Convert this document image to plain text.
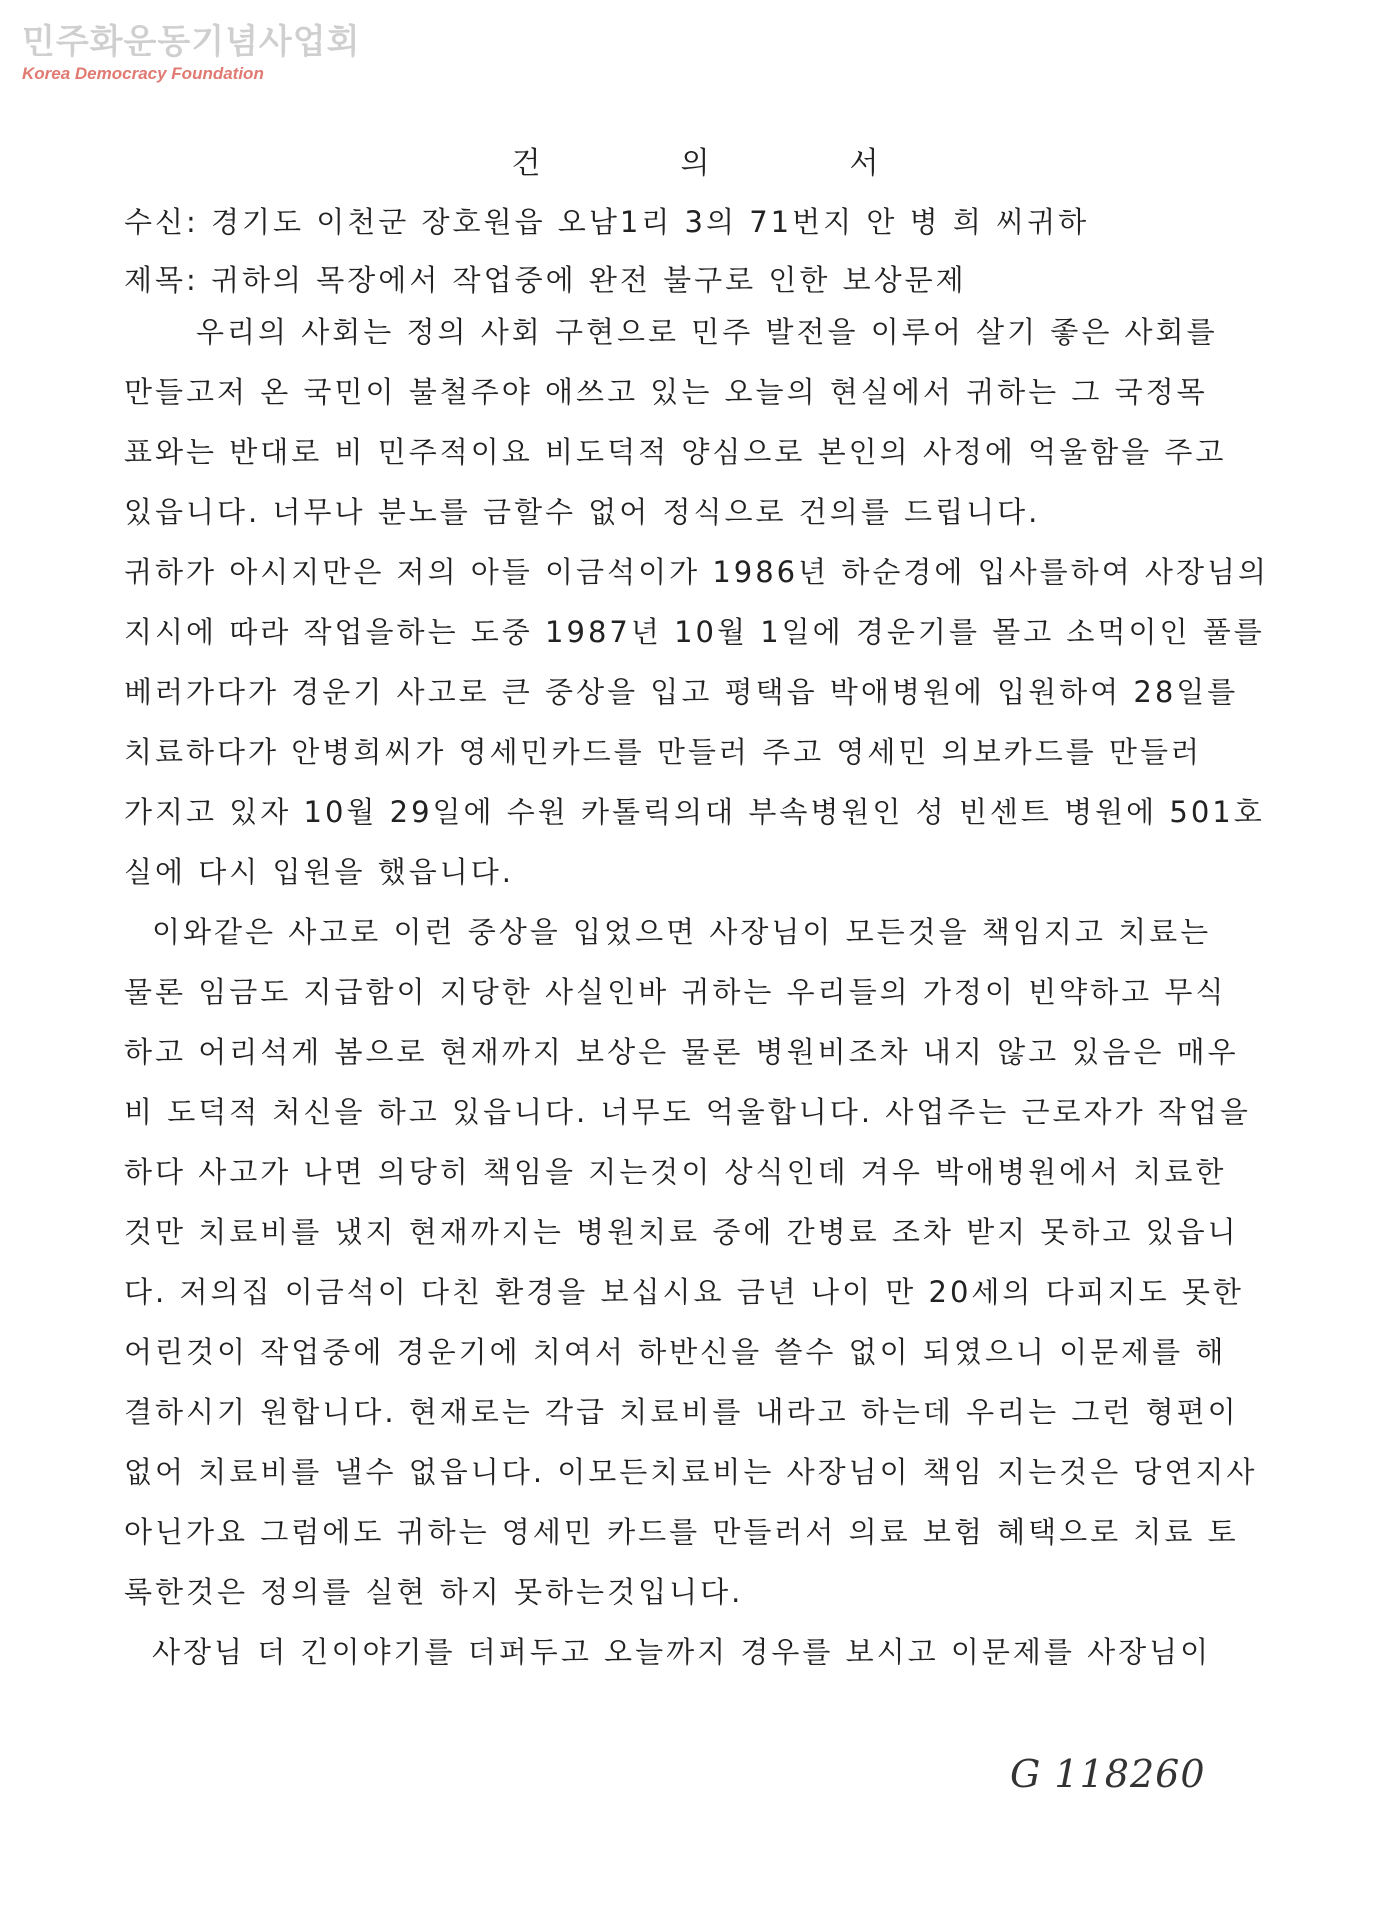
민주화운동기념사업회
Korea Democracy Foundation
건의서
수신: 경기도 이천군 장호원읍 오남1리 3의 71번지 안 병 희 씨귀하
제목: 귀하의 목장에서 작업중에 완전 불구로 인한 보상문제
우리의 사회는 정의 사회 구현으로 민주 발전을 이루어 살기 좋은 사회를
만들고저 온 국민이 불철주야 애쓰고 있는 오늘의 현실에서 귀하는 그 국정목
표와는 반대로 비 민주적이요 비도덕적 양심으로 본인의 사정에 억울함을 주고
있읍니다. 너무나 분노를 금할수 없어 정식으로 건의를 드립니다.
귀하가 아시지만은 저의 아들 이금석이가 1986년 하순경에 입사를하여 사장님의
지시에 따라 작업을하는 도중 1987년 10월 1일에 경운기를 몰고 소먹이인 풀를
베러가다가 경운기 사고로 큰 중상을 입고 평택읍 박애병원에 입원하여 28일를
치료하다가 안병희씨가 영세민카드를 만들러 주고 영세민 의보카드를 만들러
가지고 있자 10월 29일에 수원 카톨릭의대 부속병원인 성 빈센트 병원에 501호
실에 다시 입원을 했읍니다.
이와같은 사고로 이런 중상을 입었으면 사장님이 모든것을 책임지고 치료는
물론 임금도 지급함이 지당한 사실인바 귀하는 우리들의 가정이 빈약하고 무식
하고 어리석게 봄으로 현재까지 보상은 물론 병원비조차 내지 않고 있음은 매우
비 도덕적 처신을 하고 있읍니다. 너무도 억울합니다. 사업주는 근로자가 작업을
하다 사고가 나면 의당히 책임을 지는것이 상식인데 겨우 박애병원에서 치료한
것만 치료비를 냈지 현재까지는 병원치료 중에 간병료 조차 받지 못하고 있읍니
다. 저의집 이금석이 다친 환경을 보십시요 금년 나이 만 20세의 다피지도 못한
어린것이 작업중에 경운기에 치여서 하반신을 쓸수 없이 되였으니 이문제를 해
결하시기 원합니다. 현재로는 각급 치료비를 내라고 하는데 우리는 그런 형편이
없어 치료비를 낼수 없읍니다. 이모든치료비는 사장님이 책임 지는것은 당연지사
아닌가요 그럼에도 귀하는 영세민 카드를 만들러서 의료 보험 혜택으로 치료 토
록한것은 정의를 실현 하지 못하는것입니다.
사장님 더 긴이야기를 더퍼두고 오늘까지 경우를 보시고 이문제를 사장님이
G 118260
